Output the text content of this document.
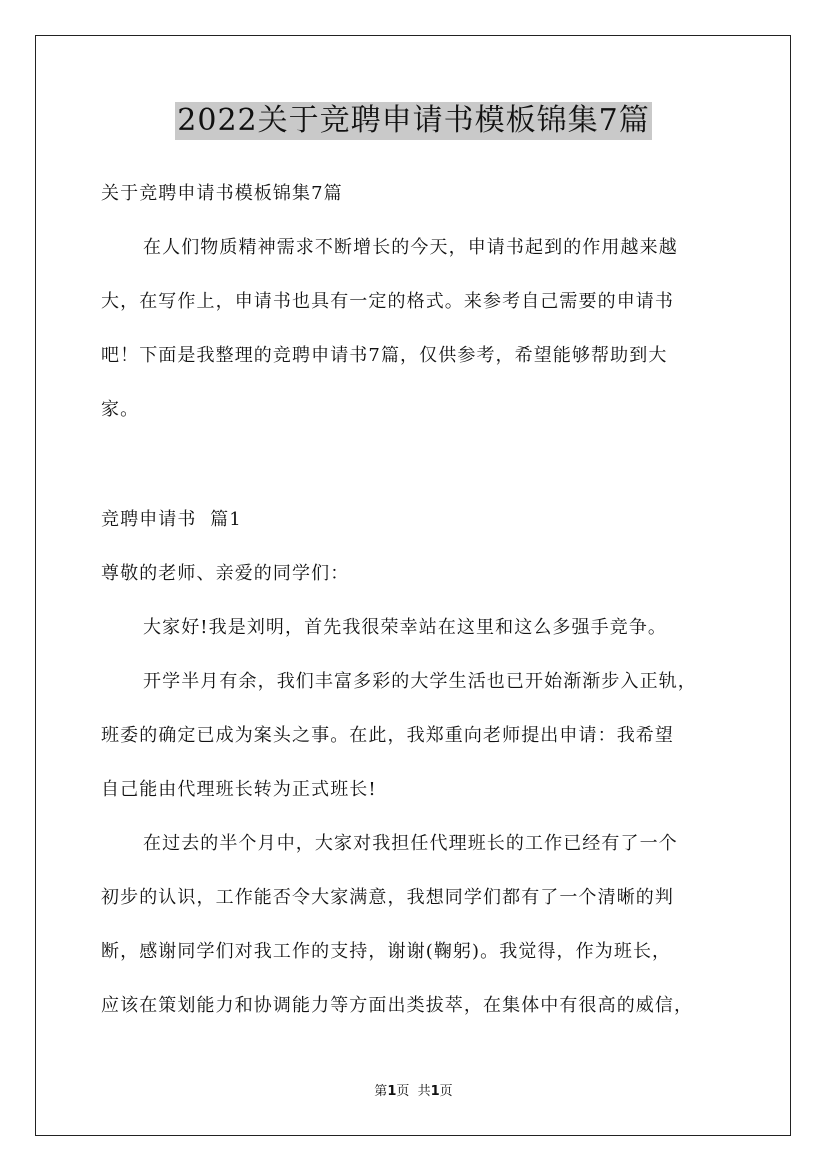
2022关于竞聘申请书模板锦集7篇
关于竞聘申请书模板锦集7篇
在人们物质精神需求不断增长的今天，申请书起到的作用越来越
大，在写作上，申请书也具有一定的格式。来参考自己需要的申请书
吧！下面是我整理的竞聘申请书7篇，仅供参考，希望能够帮助到大
家。
竞聘申请书  篇1
尊敬的老师、亲爱的同学们：
大家好!我是刘明，首先我很荣幸站在这里和这么多强手竞争。
开学半月有余，我们丰富多彩的大学生活也已开始渐渐步入正轨，
班委的确定已成为案头之事。在此，我郑重向老师提出申请：我希望
自己能由代理班长转为正式班长!
在过去的半个月中，大家对我担任代理班长的工作已经有了一个
初步的认识，工作能否令大家满意，我想同学们都有了一个清晰的判
断，感谢同学们对我工作的支持，谢谢(鞠躬)。我觉得，作为班长，
应该在策划能力和协调能力等方面出类拔萃，在集体中有很高的威信，
第1页  共1页
